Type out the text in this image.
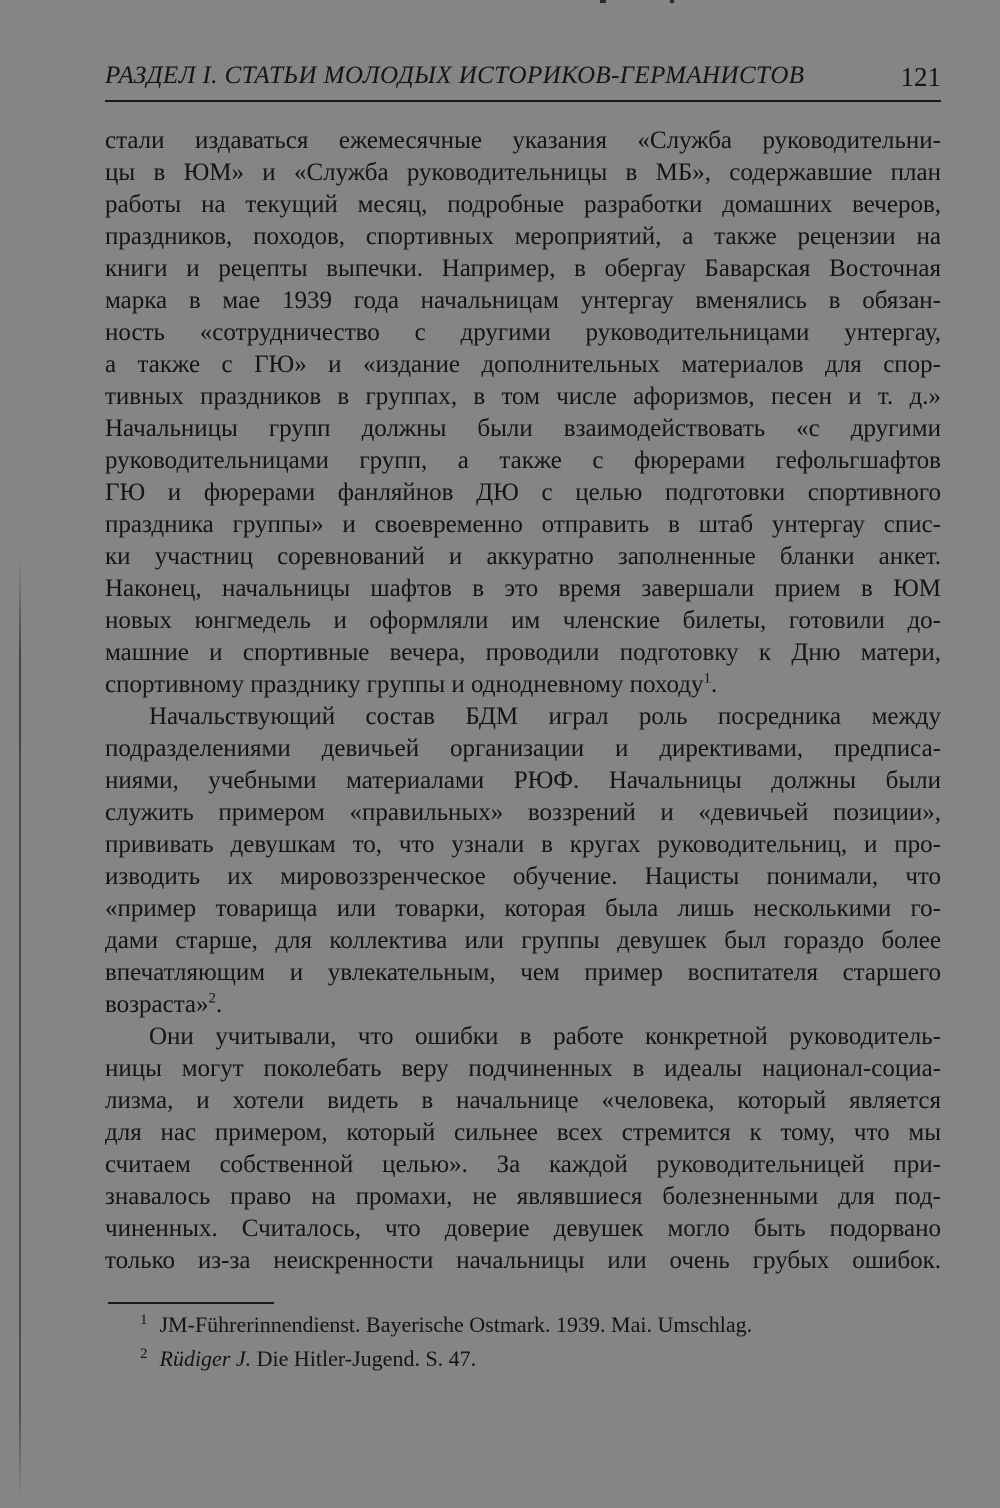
РАЗДЕЛ I. СТАТЬИ МОЛОДЫХ ИСТОРИКОВ-ГЕРМАНИСТОВ	121
стали издаваться ежемесячные указания «Служба руководительни-
цы в ЮМ» и «Служба руководительницы в МБ», содержавшие план
работы на текущий месяц, подробные разработки домашних вечеров,
праздников, походов, спортивных мероприятий, а также рецензии на
книги и рецепты выпечки. Например, в обергау Баварская Восточная
марка в мае 1939 года начальницам унтергау вменялись в обязан-
ность «сотрудничество с другими руководительницами унтергау,
а также с ГЮ» и «издание дополнительных материалов для спор-
тивных праздников в группах, в том числе афоризмов, песен и т. д.»
Начальницы групп должны были взаимодействовать «с другими
руководительницами групп, а также с фюрерами гефольгшафтов
ГЮ и фюрерами фанляйнов ДЮ с целью подготовки спортивного
праздника группы» и своевременно отправить в штаб унтергау спис-
ки участниц соревнований и аккуратно заполненные бланки анкет.
Наконец, начальницы шафтов в это время завершали прием в ЮМ
новых юнгмедель и оформляли им членские билеты, готовили до-
машние и спортивные вечера, проводили подготовку к Дню матери,
спортивному празднику группы и однодневному походу$^1$.
Начальствующий состав БДМ играл роль посредника между
подразделениями девичьей организации и директивами, предписа-
ниями, учебными материалами РЮФ. Начальницы должны были
служить примером «правильных» воззрений и «девичьей позиции»,
прививать девушкам то, что узнали в кругах руководительниц, и про-
изводить их мировоззренческое обучение. Нацисты понимали, что
«пример товарища или товарки, которая была лишь несколькими го-
дами старше, для коллектива или группы девушек был гораздо более
впечатляющим и увлекательным, чем пример воспитателя старшего
возраста»$^2$.
Они учитывали, что ошибки в работе конкретной руководитель-
ницы могут поколебать веру подчиненных в идеалы национал-социа-
лизма, и хотели видеть в начальнице «человека, который является
для нас примером, который сильнее всех стремится к тому, что мы
считаем собственной целью». За каждой руководительницей при-
знавалось право на промахи, не являвшиеся болезненными для под-
чиненных. Считалось, что доверие девушек могло быть подорвано
только из-за неискренности начальницы или очень грубых ошибок.
$^1$ JM-Führerinnendienst. Bayerische Ostmark. 1939. Mai. Umschlag.
$^2$ Rüdiger J. Die Hitler-Jugend. S. 47.
